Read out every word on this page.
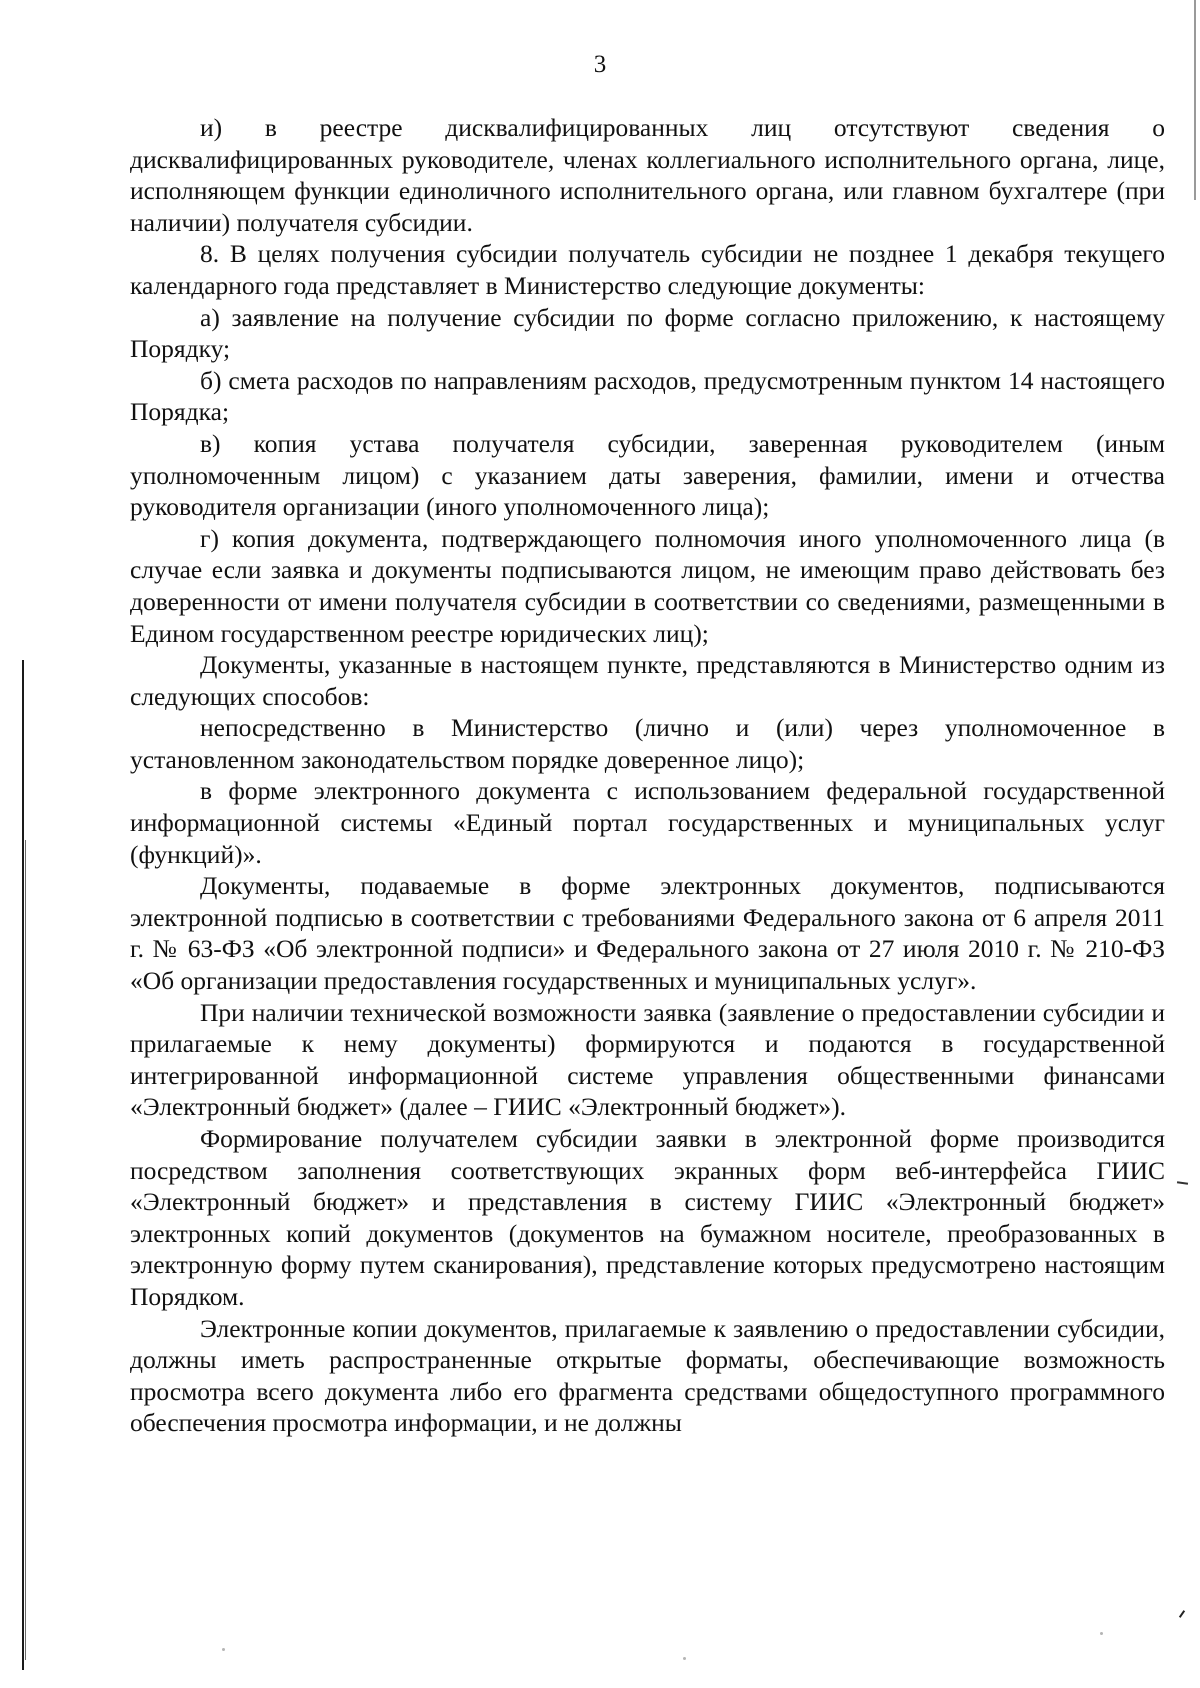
3

и) в реестре дисквалифицированных лиц отсутствуют сведения о дисквалифицированных руководителе, членах коллегиального исполнительного органа, лице, исполняющем функции единоличного исполнительного органа, или главном бухгалтере (при наличии) получателя субсидии.

8. В целях получения субсидии получатель субсидии не позднее 1 декабря текущего календарного года представляет в Министерство следующие документы:

а) заявление на получение субсидии по форме согласно приложению, к настоящему Порядку;

б) смета расходов по направлениям расходов, предусмотренным пунктом 14 настоящего Порядка;

в) копия устава получателя субсидии, заверенная руководителем (иным уполномоченным лицом) с указанием даты заверения, фамилии, имени и отчества руководителя организации (иного уполномоченного лица);

г) копия документа, подтверждающего полномочия иного уполномоченного лица (в случае если заявка и документы подписываются лицом, не имеющим право действовать без доверенности от имени получателя субсидии в соответствии со сведениями, размещенными в Едином государственном реестре юридических лиц);

Документы, указанные в настоящем пункте, представляются в Министерство одним из следующих способов:

непосредственно в Министерство (лично и (или) через уполномоченное в установленном законодательством порядке доверенное лицо);

в форме электронного документа с использованием федеральной государственной информационной системы «Единый портал государственных и муниципальных услуг (функций)».

Документы, подаваемые в форме электронных документов, подписываются электронной подписью в соответствии с требованиями Федерального закона от 6 апреля 2011 г. № 63-ФЗ «Об электронной подписи» и Федерального закона от 27 июля 2010 г. № 210-ФЗ «Об организации предоставления государственных и муниципальных услуг».

При наличии технической возможности заявка (заявление о предоставлении субсидии и прилагаемые к нему документы) формируются и подаются в государственной интегрированной информационной системе управления общественными финансами «Электронный бюджет» (далее – ГИИС «Электронный бюджет»).

Формирование получателем субсидии заявки в электронной форме производится посредством заполнения соответствующих экранных форм веб-интерфейса ГИИС «Электронный бюджет» и представления в систему ГИИС «Электронный бюджет» электронных копий документов (документов на бумажном носителе, преобразованных в электронную форму путем сканирования), представление которых предусмотрено настоящим Порядком.

Электронные копии документов, прилагаемые к заявлению о предоставлении субсидии, должны иметь распространенные открытые форматы, обеспечивающие возможность просмотра всего документа либо его фрагмента средствами общедоступного программного обеспечения просмотра информации, и не должны
